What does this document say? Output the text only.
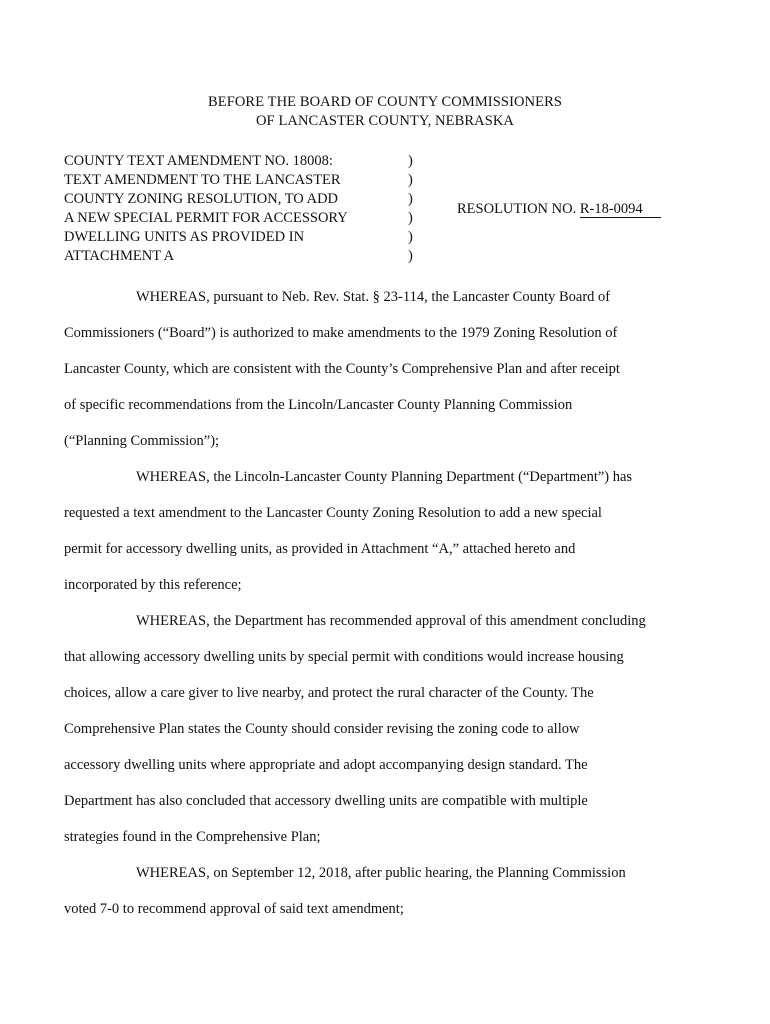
BEFORE THE BOARD OF COUNTY COMMISSIONERS
OF LANCASTER COUNTY, NEBRASKA
COUNTY TEXT AMENDMENT NO. 18008:	)
TEXT AMENDMENT TO THE LANCASTER	)
COUNTY ZONING RESOLUTION, TO ADD	)
A NEW SPECIAL PERMIT FOR ACCESSORY	)
DWELLING UNITS AS PROVIDED IN	)
ATTACHMENT A	)
RESOLUTION NO. R-18-0094
WHEREAS, pursuant to Neb. Rev. Stat. § 23-114, the Lancaster County Board of
Commissioners (“Board”) is authorized to make amendments to the 1979 Zoning Resolution of
Lancaster County, which are consistent with the County’s Comprehensive Plan and after receipt
of specific recommendations from the Lincoln/Lancaster County Planning Commission
(“Planning Commission”);
WHEREAS, the Lincoln-Lancaster County Planning Department (“Department”) has
requested a text amendment to the Lancaster County Zoning Resolution to add a new special
permit for accessory dwelling units, as provided in Attachment “A,” attached hereto and
incorporated by this reference;
WHEREAS, the Department has recommended approval of this amendment concluding
that allowing accessory dwelling units by special permit with conditions would increase housing
choices, allow a care giver to live nearby, and protect the rural character of the County. The
Comprehensive Plan states the County should consider revising the zoning code to allow
accessory dwelling units where appropriate and adopt accompanying design standard. The
Department has also concluded that accessory dwelling units are compatible with multiple
strategies found in the Comprehensive Plan;
WHEREAS, on September 12, 2018, after public hearing, the Planning Commission
voted 7-0 to recommend approval of said text amendment;
